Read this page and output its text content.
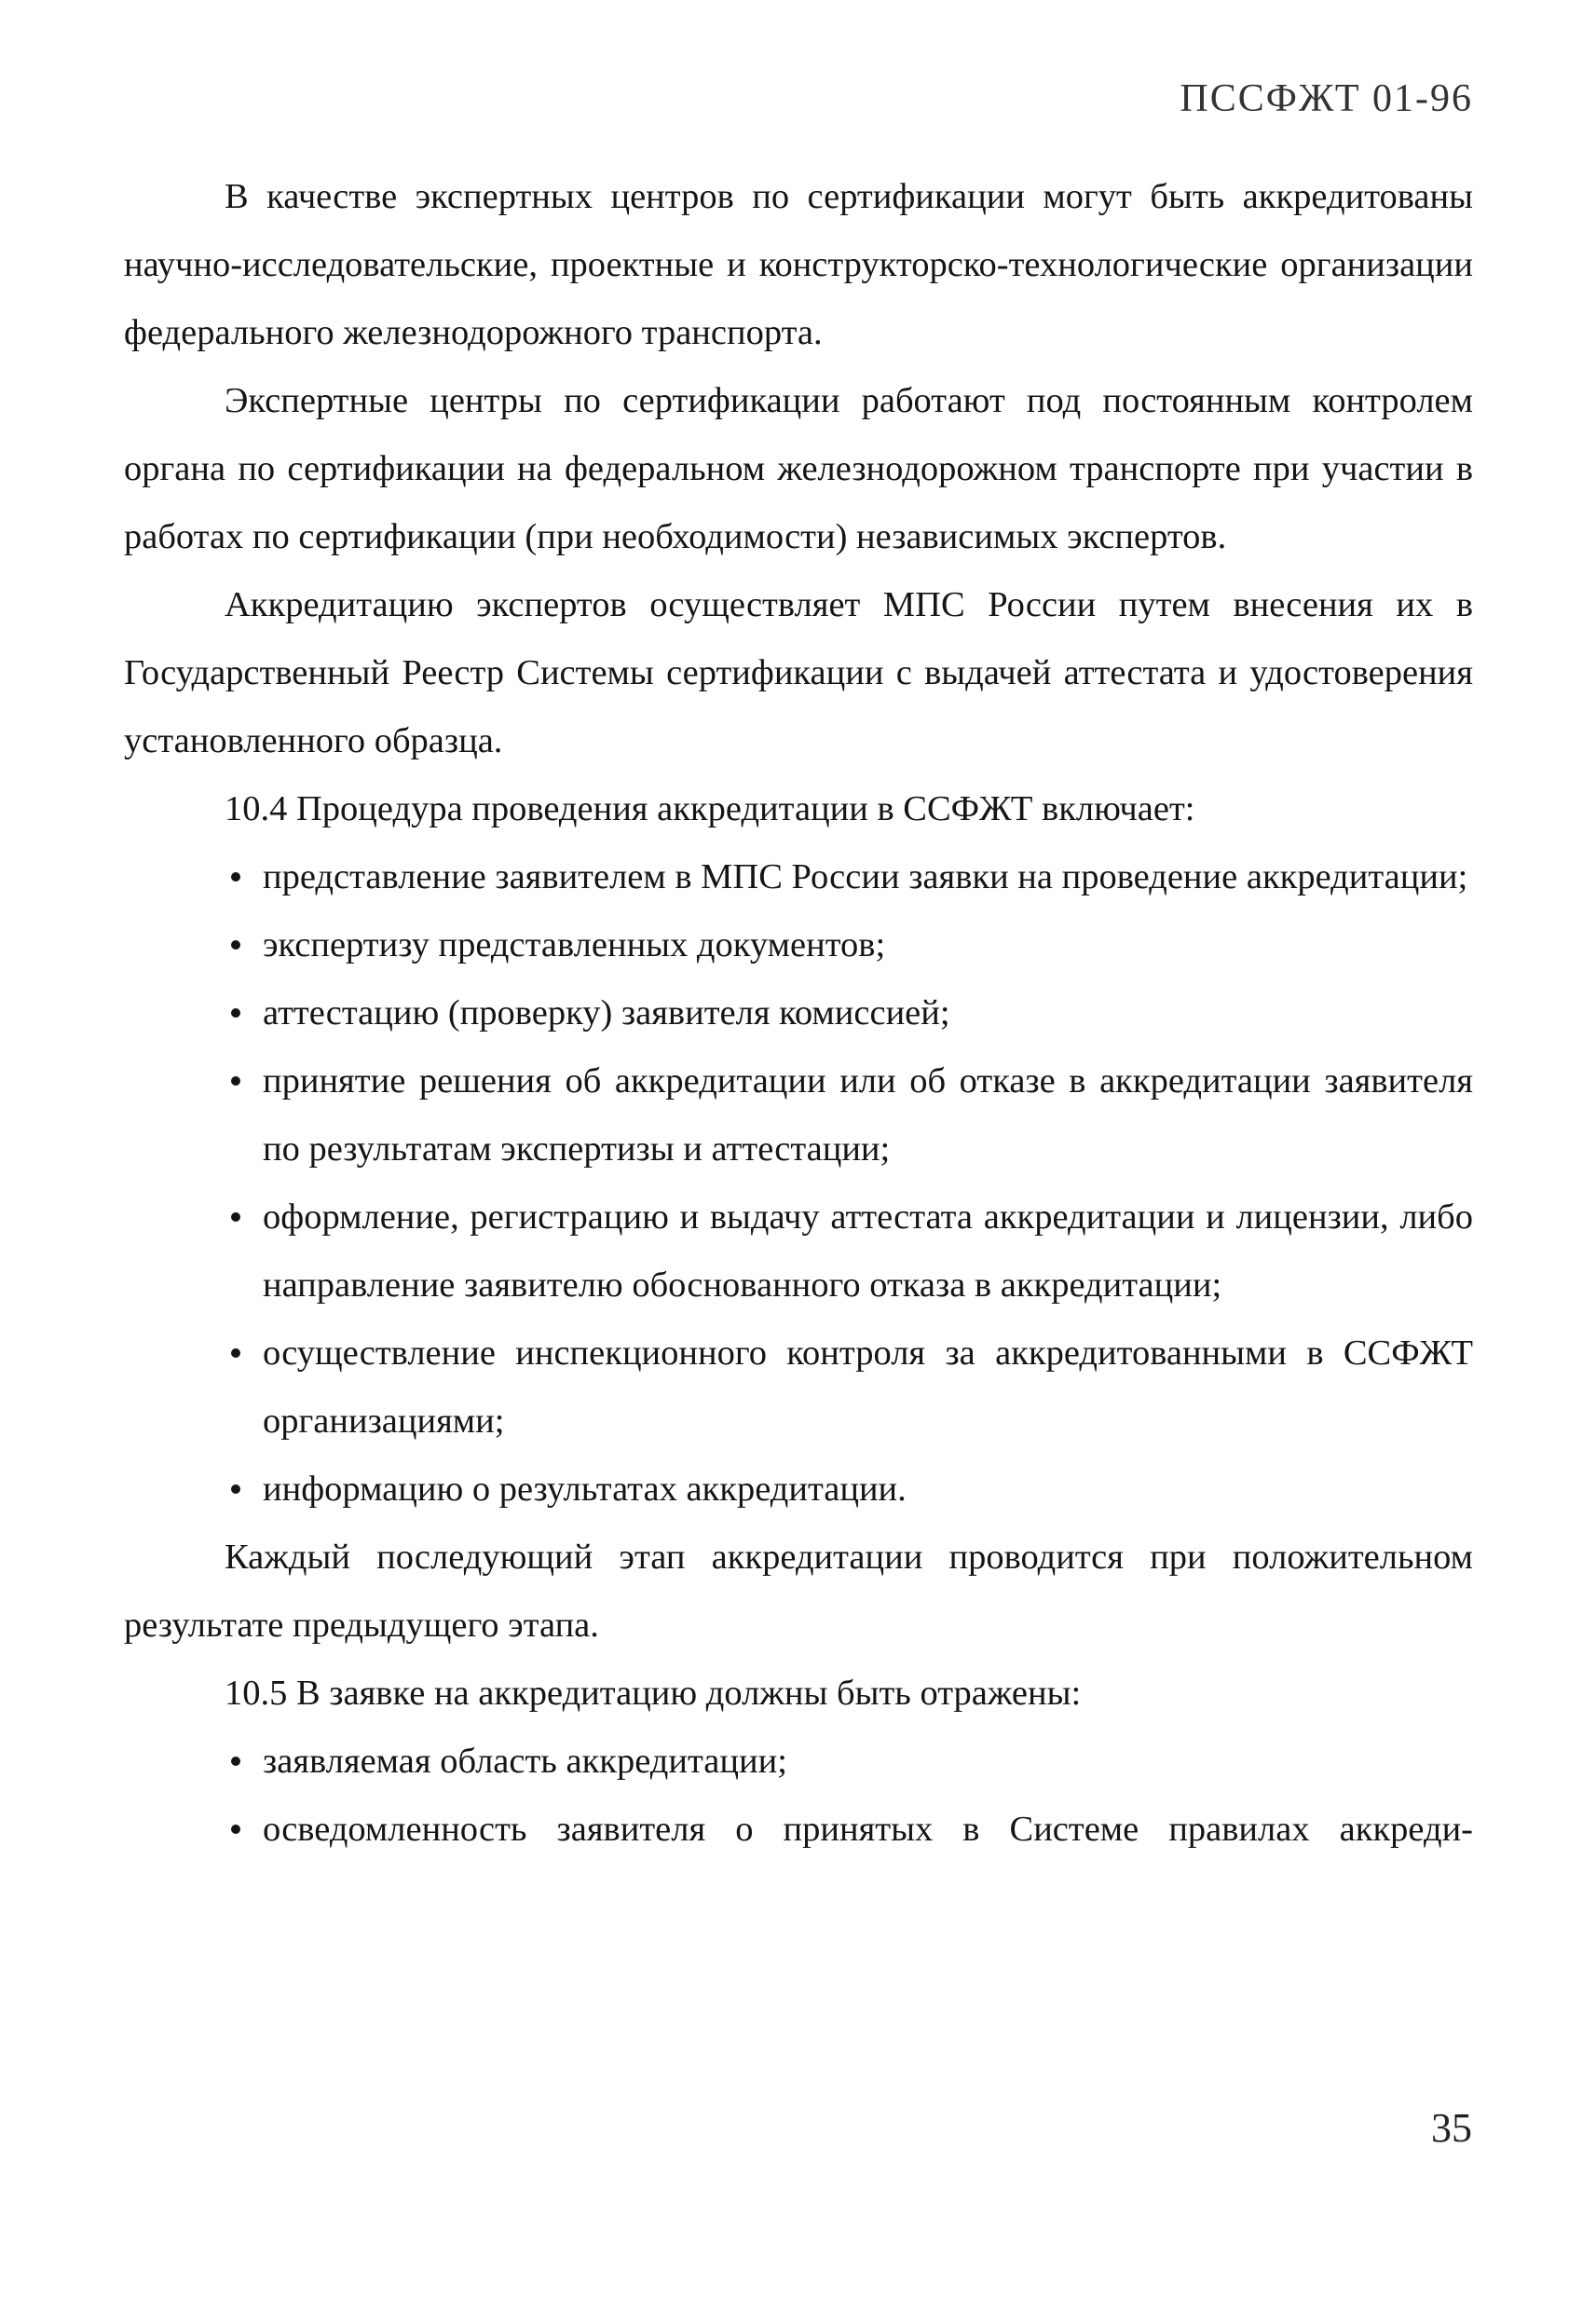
ПССФЖТ 01-96

В качестве экспертных центров по сертификации могут быть аккредитованы научно-исследовательские, проектные и конструкторско-технологические организации федерального железнодорожного транспорта.

Экспертные центры по сертификации работают под постоянным контролем органа по сертификации на федеральном железнодорожном транспорте при участии в работах по сертификации (при необходимости) независимых экспертов.

Аккредитацию экспертов осуществляет МПС России путем внесения их в Государственный Реестр Системы сертификации с выдачей аттестата и удостоверения установленного образца.

10.4 Процедура проведения аккредитации в ССФЖТ включает:

представление заявителем в МПС России заявки на проведение аккредитации;
экспертизу представленных документов;
аттестацию (проверку) заявителя комиссией;
принятие решения об аккредитации или об отказе в аккредитации заявителя по результатам экспертизы и аттестации;
оформление, регистрацию и выдачу аттестата аккредитации и лицензии, либо направление заявителю обоснованного отказа в аккредитации;
осуществление инспекционного контроля за аккредитованными в ССФЖТ организациями;
информацию о результатах аккредитации.

Каждый последующий этап аккредитации проводится при положительном результате предыдущего этапа.

10.5 В заявке на аккредитацию должны быть отражены:

заявляемая область аккредитации;
осведомленность заявителя о принятых в Системе правилах аккреди-
35
